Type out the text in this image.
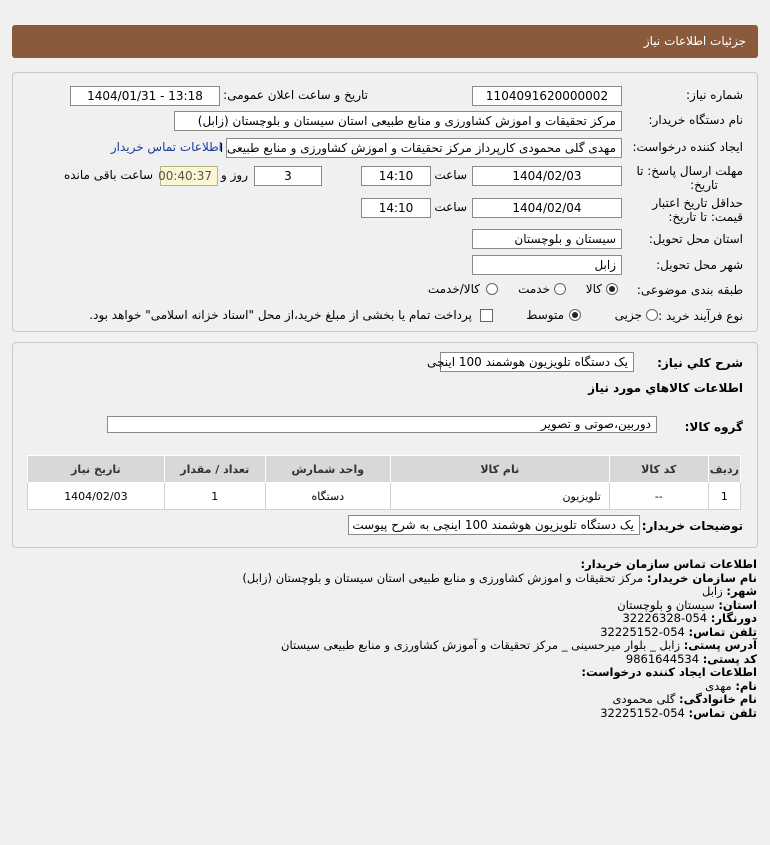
جزئیات اطلاعات نیاز
شماره نیاز:
1104091620000002
تاریخ و ساعت اعلان عمومی:
1404/01/31 - 13:18
نام دستگاه خریدار:
مرکز تحقیقات و اموزش کشاورزی و منابع طبیعی استان سیستان و بلوچستان (زابل)
ایجاد کننده درخواست:
مهدی گلی محمودی کارپرداز مرکز تحقیقات و اموزش کشاورزی و منابع طبیعی ا
اطلاعات تماس خریدار
مهلت ارسال پاسخ: تا
تاریخ:
1404/02/03
ساعت
14:10
3
روز و
00:40:37
ساعت باقی مانده
حداقل تاریخ اعتبار
قیمت: تا تاریخ:
1404/02/04
ساعت
14:10
استان محل تحویل:
سیستان و بلوچستان
شهر محل تحویل:
زابل
طبقه بندی موضوعی:
کالا
خدمت
کالا/خدمت
نوع فرآیند خرید :
جزیی
متوسط
پرداخت تمام یا بخشی از مبلغ خرید،از محل "اسناد خزانه اسلامی" خواهد بود.
شرح کلي نياز:
یک دستگاه تلویزیون هوشمند 100 اینچی
اطلاعات کالاهاي مورد نياز
گروه کالا:
دوربین،صوتی و تصویر
ردیف	کد کالا	نام کالا	واحد شمارش	تعداد / مقدار	تاریخ نیاز
1	--	تلویزیون	دستگاه	1	1404/02/03
توضیحات خریدار:
یک دستگاه تلویزیون هوشمند 100 اینچی به شرح پیوست
اطلاعات تماس سازمان خریدار:
نام سازمان خریدار: مرکز تحقیقات و اموزش کشاورزی و منابع طبیعی استان سیستان و بلوچستان (زابل)
شهر: زابل
استان: سیستان و بلوچستان
دورنگار: 054-32226328
تلفن تماس: 054-32225152
آدرس پستی: زابل _ بلوار میرحسینی _ مرکز تحقیقات و آموزش کشاورزی و منابع طبیعی سیستان
کد پستی: 9861644534
اطلاعات ایجاد کننده درخواست:
نام: مهدی
نام خانوادگی: گلی محمودی
تلفن تماس: 054-32225152
